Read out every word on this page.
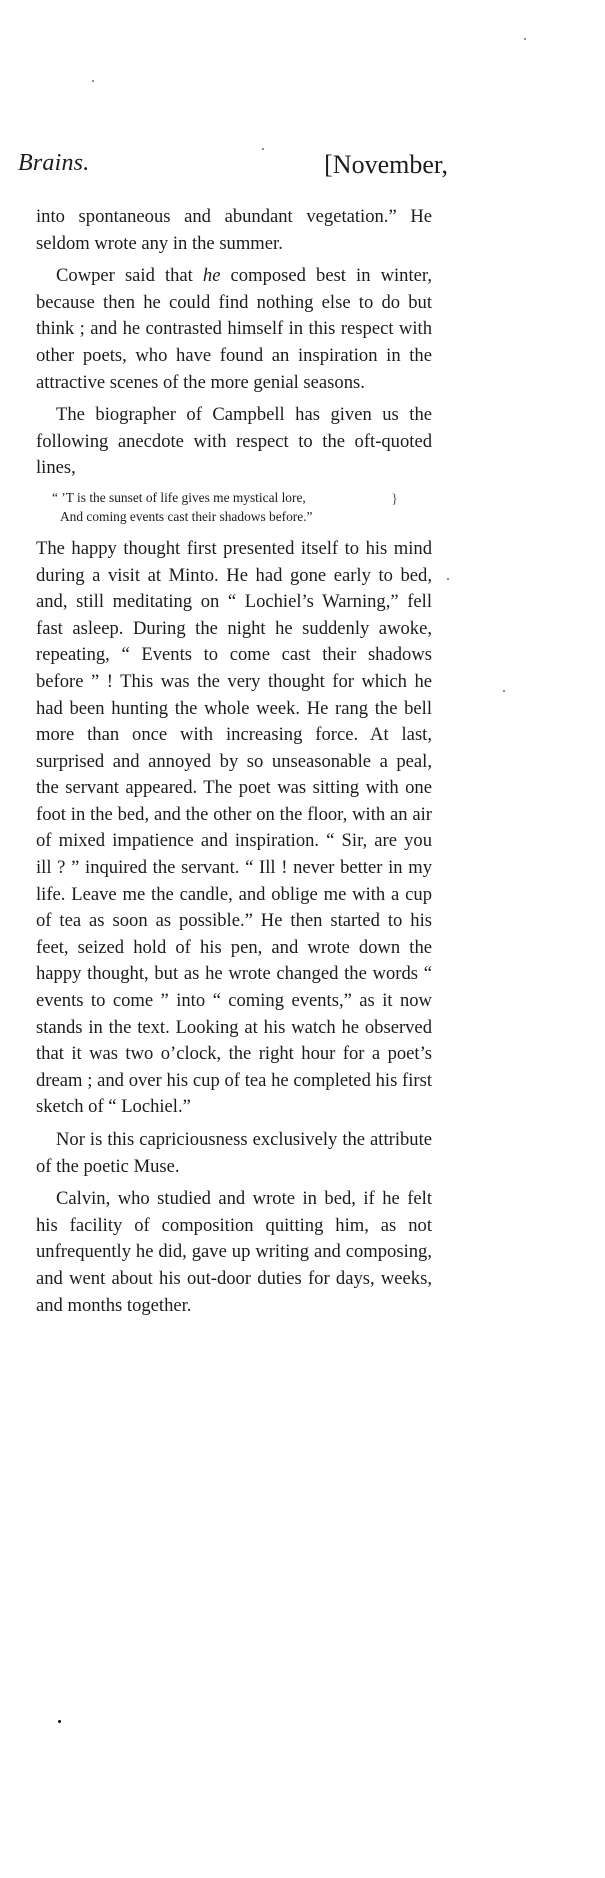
Brains.	[November,

into spontaneous and abundant vegetation.” He seldom wrote any in the summer.

Cowper said that he composed best in winter, because then he could find nothing else to do but think ; and he contrasted himself in this respect with other poets, who have found an inspiration in the attractive scenes of the more genial seasons.

The biographer of Campbell has given us the following anecdote with respect to the oft-quoted lines,

“ ’T is the sunset of life gives me mystical lore,
And coming events cast their shadows before.”
}

The happy thought first presented itself to his mind during a visit at Minto. He had gone early to bed, and, still meditating on “ Lochiel’s Warning,” fell fast asleep. During the night he suddenly awoke, repeating, “ Events to come cast their shadows before ” ! This was the very thought for which he had been hunting the whole week. He rang the bell more than once with increasing force. At last, surprised and annoyed by so unseasonable a peal, the servant appeared. The poet was sitting with one foot in the bed, and the other on the floor, with an air of mixed impatience and inspiration. “ Sir, are you ill ? ” inquired the servant. “ Ill ! never better in my life. Leave me the candle, and oblige me with a cup of tea as soon as possible.” He then started to his feet, seized hold of his pen, and wrote down the happy thought, but as he wrote changed the words “ events to come ” into “ coming events,” as it now stands in the text. Looking at his watch he observed that it was two o’clock, the right hour for a poet’s dream ; and over his cup of tea he completed his first sketch of “ Lochiel.”

Nor is this capriciousness exclusively the attribute of the poetic Muse.

Calvin, who studied and wrote in bed, if he felt his facility of composition quitting him, as not unfrequently he did, gave up writing and composing, and went about his out-door duties for days, weeks, and months together.
